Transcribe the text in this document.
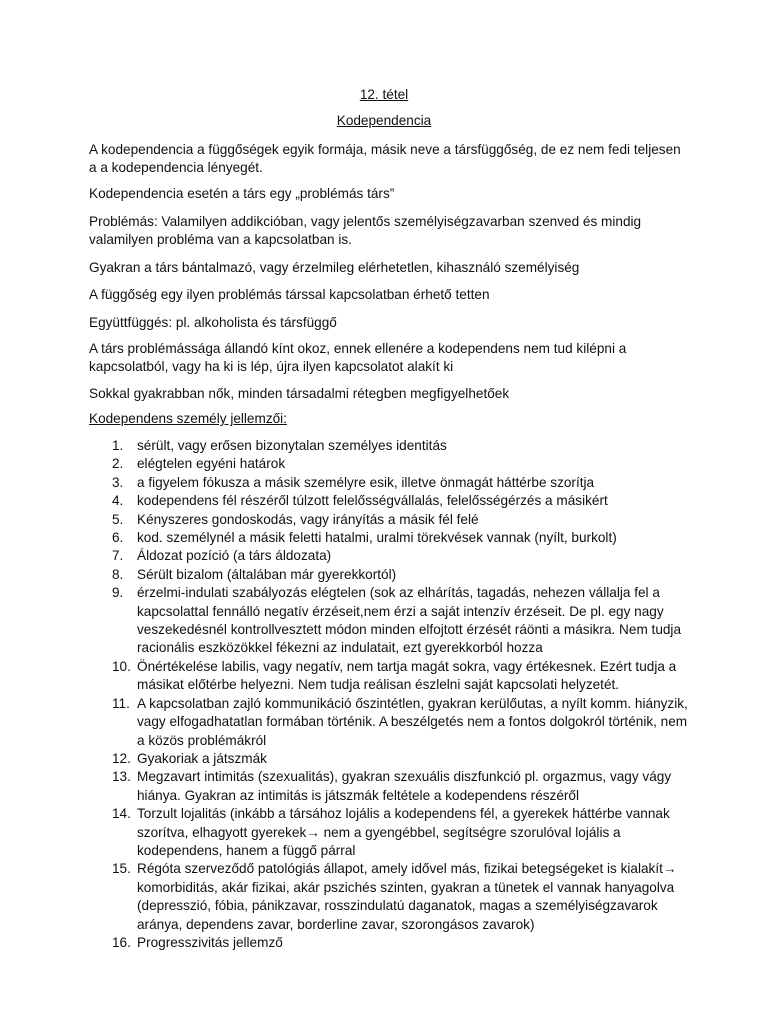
12. tétel
Kodependencia

A kodependencia a függőségek egyik formája, másik neve a társfüggőség, de ez nem fedi teljesen a a kodependencia lényegét.

Kodependencia esetén a társ egy „problémás társ”

Problémás: Valamilyen addikcióban, vagy jelentős személyiségzavarban szenved és mindig valamilyen probléma van a kapcsolatban is.

Gyakran a társ bántalmazó, vagy érzelmileg elérhetetlen, kihasználó személyiség

A függőség egy ilyen problémás társsal kapcsolatban érhető tetten

Együttfüggés: pl. alkoholista és társfüggő

A társ problémássága állandó kínt okoz, ennek ellenére a kodependens nem tud kilépni a kapcsolatból, vagy ha ki is lép, újra ilyen kapcsolatot alakít ki

Sokkal gyakrabban nők, minden társadalmi rétegben megfigyelhetőek

Kodependens személy jellemzői:
1. sérült, vagy erősen bizonytalan személyes identitás
2. elégtelen egyéni határok
3. a figyelem fókusza a másik személyre esik, illetve önmagát háttérbe szorítja
4. kodependens fél részéről túlzott felelősségvállalás, felelősségérzés a másikért
5. Kényszeres gondoskodás, vagy irányítás a másik fél felé
6. kod. személynél a másik feletti hatalmi, uralmi törekvések vannak (nyílt, burkolt)
7. Áldozat pozíció (a társ áldozata)
8. Sérült bizalom (általában már gyerekkortól)
9. érzelmi-indulati szabályozás elégtelen (sok az elhárítás, tagadás, nehezen vállalja fel a kapcsolattal fennálló negatív érzéseit,nem érzi a saját intenzív érzéseit. De pl. egy nagy veszekedésnél kontrollvesztett módon minden elfojtott érzését ráönti a másikra. Nem tudja racionális eszközökkel fékezni az indulatait, ezt gyerekkorból hozza
10. Önértékelése labilis, vagy negatív, nem tartja magát sokra, vagy értékesnek. Ezért tudja a másikat előtérbe helyezni. Nem tudja reálisan észlelni saját kapcsolati helyzetét.
11. A kapcsolatban zajló kommunikáció őszintétlen, gyakran kerülőutas, a nyílt komm. hiányzik, vagy elfogadhatatlan formában történik. A beszélgetés nem a fontos dolgokról történik, nem a közös problémákról
12. Gyakoriak a játszmák
13. Megzavart intimitás (szexualitás), gyakran szexuális diszfunkció pl. orgazmus, vagy vágy hiánya. Gyakran az intimitás is játszmák feltétele a kodependens részéről
14. Torzult lojalitás (inkább a társához lojális a kodependens fél, a gyerekek háttérbe vannak szorítva, elhagyott gyerekek→ nem a gyengébbel, segítségre szorulóval lojális a kodependens, hanem a függő párral
15. Régóta szerveződő patológiás állapot, amely idővel más, fizikai betegségeket is kialakít→ komorbiditás, akár fizikai, akár pszichés szinten, gyakran a tünetek el vannak hanyagolva (depresszió, fóbia, pánikzavar, rosszindulatú daganatok, magas a személyiségzavarok aránya, dependens zavar, borderline zavar, szorongásos zavarok)
16. Progresszivitás jellemző
